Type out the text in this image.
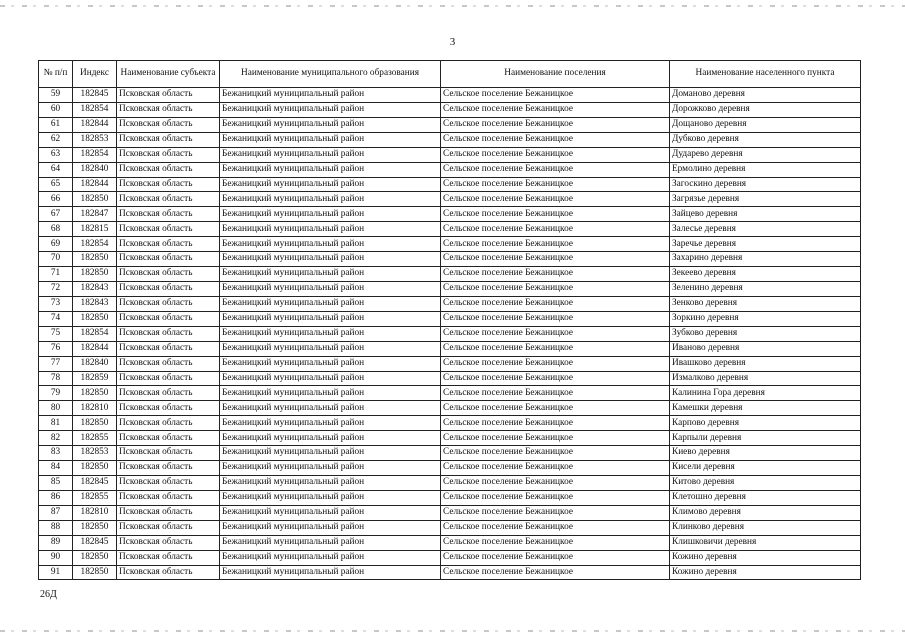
3
№ п/п	Индекс	Наименование субъекта	Наименование муниципального образования	Наименование поселения	Наименование населенного пункта
59	182845	Псковская область	Бежаницкий муниципальный район	Сельское поселение Бежаницкое	Доманово деревня
60	182854	Псковская область	Бежаницкий муниципальный район	Сельское поселение Бежаницкое	Дорожково деревня
61	182844	Псковская область	Бежаницкий муниципальный район	Сельское поселение Бежаницкое	Дощаново деревня
62	182853	Псковская область	Бежаницкий муниципальный район	Сельское поселение Бежаницкое	Дубково деревня
63	182854	Псковская область	Бежаницкий муниципальный район	Сельское поселение Бежаницкое	Дударево деревня
64	182840	Псковская область	Бежаницкий муниципальный район	Сельское поселение Бежаницкое	Ермолино деревня
65	182844	Псковская область	Бежаницкий муниципальный район	Сельское поселение Бежаницкое	Загоскино деревня
66	182850	Псковская область	Бежаницкий муниципальный район	Сельское поселение Бежаницкое	Загрязье деревня
67	182847	Псковская область	Бежаницкий муниципальный район	Сельское поселение Бежаницкое	Зайцево деревня
68	182815	Псковская область	Бежаницкий муниципальный район	Сельское поселение Бежаницкое	Залесье деревня
69	182854	Псковская область	Бежаницкий муниципальный район	Сельское поселение Бежаницкое	Заречье деревня
70	182850	Псковская область	Бежаницкий муниципальный район	Сельское поселение Бежаницкое	Захарино деревня
71	182850	Псковская область	Бежаницкий муниципальный район	Сельское поселение Бежаницкое	Зекеево деревня
72	182843	Псковская область	Бежаницкий муниципальный район	Сельское поселение Бежаницкое	Зеленино деревня
73	182843	Псковская область	Бежаницкий муниципальный район	Сельское поселение Бежаницкое	Зенково деревня
74	182850	Псковская область	Бежаницкий муниципальный район	Сельское поселение Бежаницкое	Зоркино деревня
75	182854	Псковская область	Бежаницкий муниципальный район	Сельское поселение Бежаницкое	Зубково деревня
76	182844	Псковская область	Бежаницкий муниципальный район	Сельское поселение Бежаницкое	Иваново деревня
77	182840	Псковская область	Бежаницкий муниципальный район	Сельское поселение Бежаницкое	Ивашково деревня
78	182859	Псковская область	Бежаницкий муниципальный район	Сельское поселение Бежаницкое	Измалково деревня
79	182850	Псковская область	Бежаницкий муниципальный район	Сельское поселение Бежаницкое	Калинина Гора деревня
80	182810	Псковская область	Бежаницкий муниципальный район	Сельское поселение Бежаницкое	Камешки деревня
81	182850	Псковская область	Бежаницкий муниципальный район	Сельское поселение Бежаницкое	Карпово деревня
82	182855	Псковская область	Бежаницкий муниципальный район	Сельское поселение Бежаницкое	Карпыли деревня
83	182853	Псковская область	Бежаницкий муниципальный район	Сельское поселение Бежаницкое	Киево деревня
84	182850	Псковская область	Бежаницкий муниципальный район	Сельское поселение Бежаницкое	Кисели деревня
85	182845	Псковская область	Бежаницкий муниципальный район	Сельское поселение Бежаницкое	Китово деревня
86	182855	Псковская область	Бежаницкий муниципальный район	Сельское поселение Бежаницкое	Клетошно деревня
87	182810	Псковская область	Бежаницкий муниципальный район	Сельское поселение Бежаницкое	Климово деревня
88	182850	Псковская область	Бежаницкий муниципальный район	Сельское поселение Бежаницкое	Клинково деревня
89	182845	Псковская область	Бежаницкий муниципальный район	Сельское поселение Бежаницкое	Клишковичи деревня
90	182850	Псковская область	Бежаницкий муниципальный район	Сельское поселение Бежаницкое	Кожино деревня
91	182850	Псковская область	Бежаницкий муниципальный район	Сельское поселение Бежаницкое	Кожино деревня
26Д
